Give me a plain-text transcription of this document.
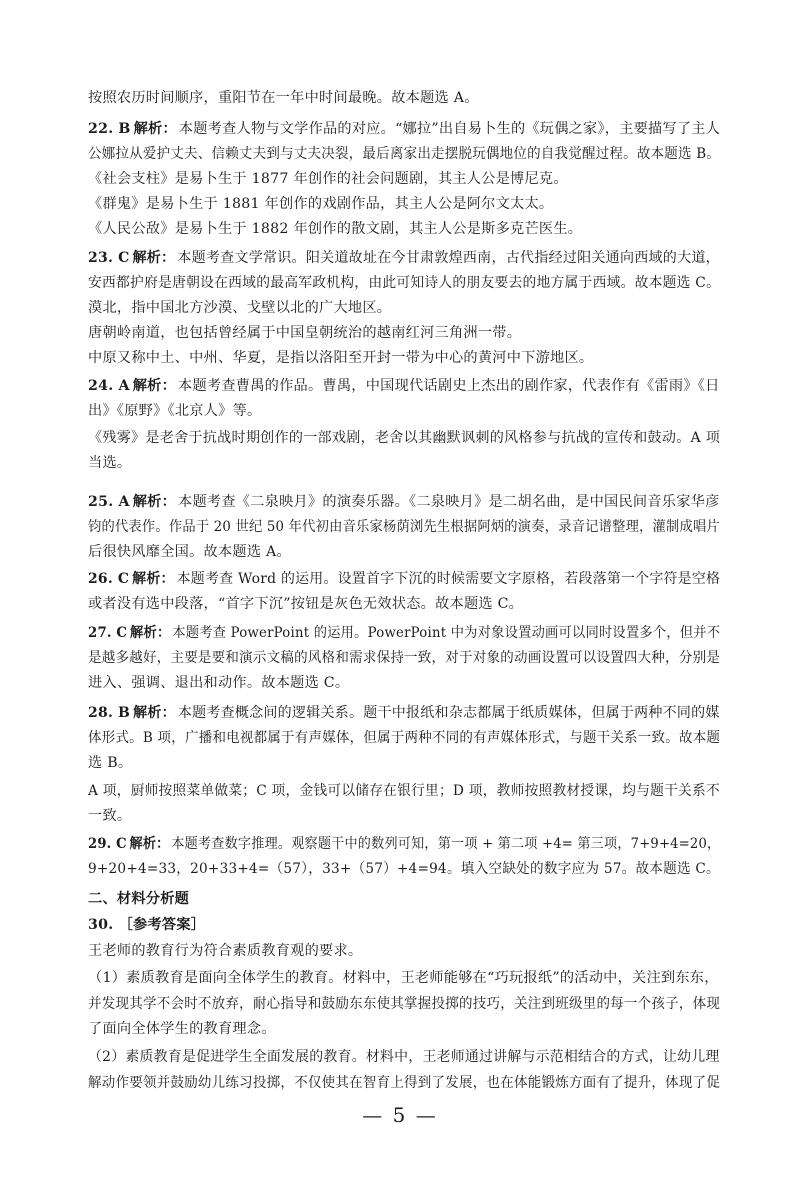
按照农历时间顺序，重阳节在一年中时间最晚。故本题选 A。

22. B 解析： 本题考查人物与文学作品的对应。“娜拉”出自易卜生的《玩偶之家》，主要描写了主人

公娜拉从爱护丈夫、信赖丈夫到与丈夫决裂，最后离家出走摆脱玩偶地位的自我觉醒过程。故本题选 B。

《社会支柱》是易卜生于 1877 年创作的社会问题剧，其主人公是博尼克。

《群鬼》是易卜生于 1881 年创作的戏剧作品，其主人公是阿尔文太太。

《人民公敌》是易卜生于 1882 年创作的散文剧，其主人公是斯多克芒医生。

23. C 解析： 本题考查文学常识。阳关道故址在今甘肃敦煌西南，古代指经过阳关通向西域的大道，

安西都护府是唐朝设在西域的最高军政机构，由此可知诗人的朋友要去的地方属于西域。故本题选 C。

漠北，指中国北方沙漠、戈壁以北的广大地区。

唐朝岭南道，也包括曾经属于中国皇朝统治的越南红河三角洲一带。

中原又称中土、中州、华夏，是指以洛阳至开封一带为中心的黄河中下游地区。

24. A 解析： 本题考查曹禺的作品。曹禺，中国现代话剧史上杰出的剧作家，代表作有《雷雨》《日

出》《原野》《北京人》等。

《残雾》是老舍于抗战时期创作的一部戏剧，老舍以其幽默讽刺的风格参与抗战的宣传和鼓动。A 项

当选。

25. A 解析： 本题考查《二泉映月》的演奏乐器。《二泉映月》是二胡名曲，是中国民间音乐家华彦

钧的代表作。作品于 20 世纪 50 年代初由音乐家杨荫浏先生根据阿炳的演奏，录音记谱整理，灌制成唱片

后很快风靡全国。故本题选 A。

26. C 解析： 本题考查 Word 的运用。设置首字下沉的时候需要文字原格，若段落第一个字符是空格

或者没有选中段落，“首字下沉”按钮是灰色无效状态。故本题选 C。

27. C 解析： 本题考查 PowerPoint 的运用。PowerPoint 中为对象设置动画可以同时设置多个，但并不

是越多越好，主要是要和演示文稿的风格和需求保持一致，对于对象的动画设置可以设置四大种，分别是

进入、强调、退出和动作。故本题选 C。

28. B 解析： 本题考查概念间的逻辑关系。题干中报纸和杂志都属于纸质媒体，但属于两种不同的媒

体形式。B 项，广播和电视都属于有声媒体，但属于两种不同的有声媒体形式，与题干关系一致。故本题

选 B。

A 项，厨师按照菜单做菜；C 项，金钱可以储存在银行里；D 项，教师按照教材授课，均与题干关系不

一致。

29. C 解析： 本题考查数字推理。观察题干中的数列可知，第一项 + 第二项 +4= 第三项，7+9+4=20，

9+20+4=33，20+33+4=（57），33+（57）+4=94。填入空缺处的数字应为 57。故本题选 C。

二、材料分析题

30. ［参考答案］

王老师的教育行为符合素质教育观的要求。

（1）素质教育是面向全体学生的教育。材料中，王老师能够在“巧玩报纸”的活动中，关注到东东，

并发现其学不会时不放弃，耐心指导和鼓励东东使其掌握投掷的技巧，关注到班级里的每一个孩子，体现

了面向全体学生的教育理念。

（2）素质教育是促进学生全面发展的教育。材料中，王老师通过讲解与示范相结合的方式，让幼儿理

解动作要领并鼓励幼儿练习投掷，不仅使其在智育上得到了发展，也在体能锻炼方面有了提升，体现了促

— 5 —
